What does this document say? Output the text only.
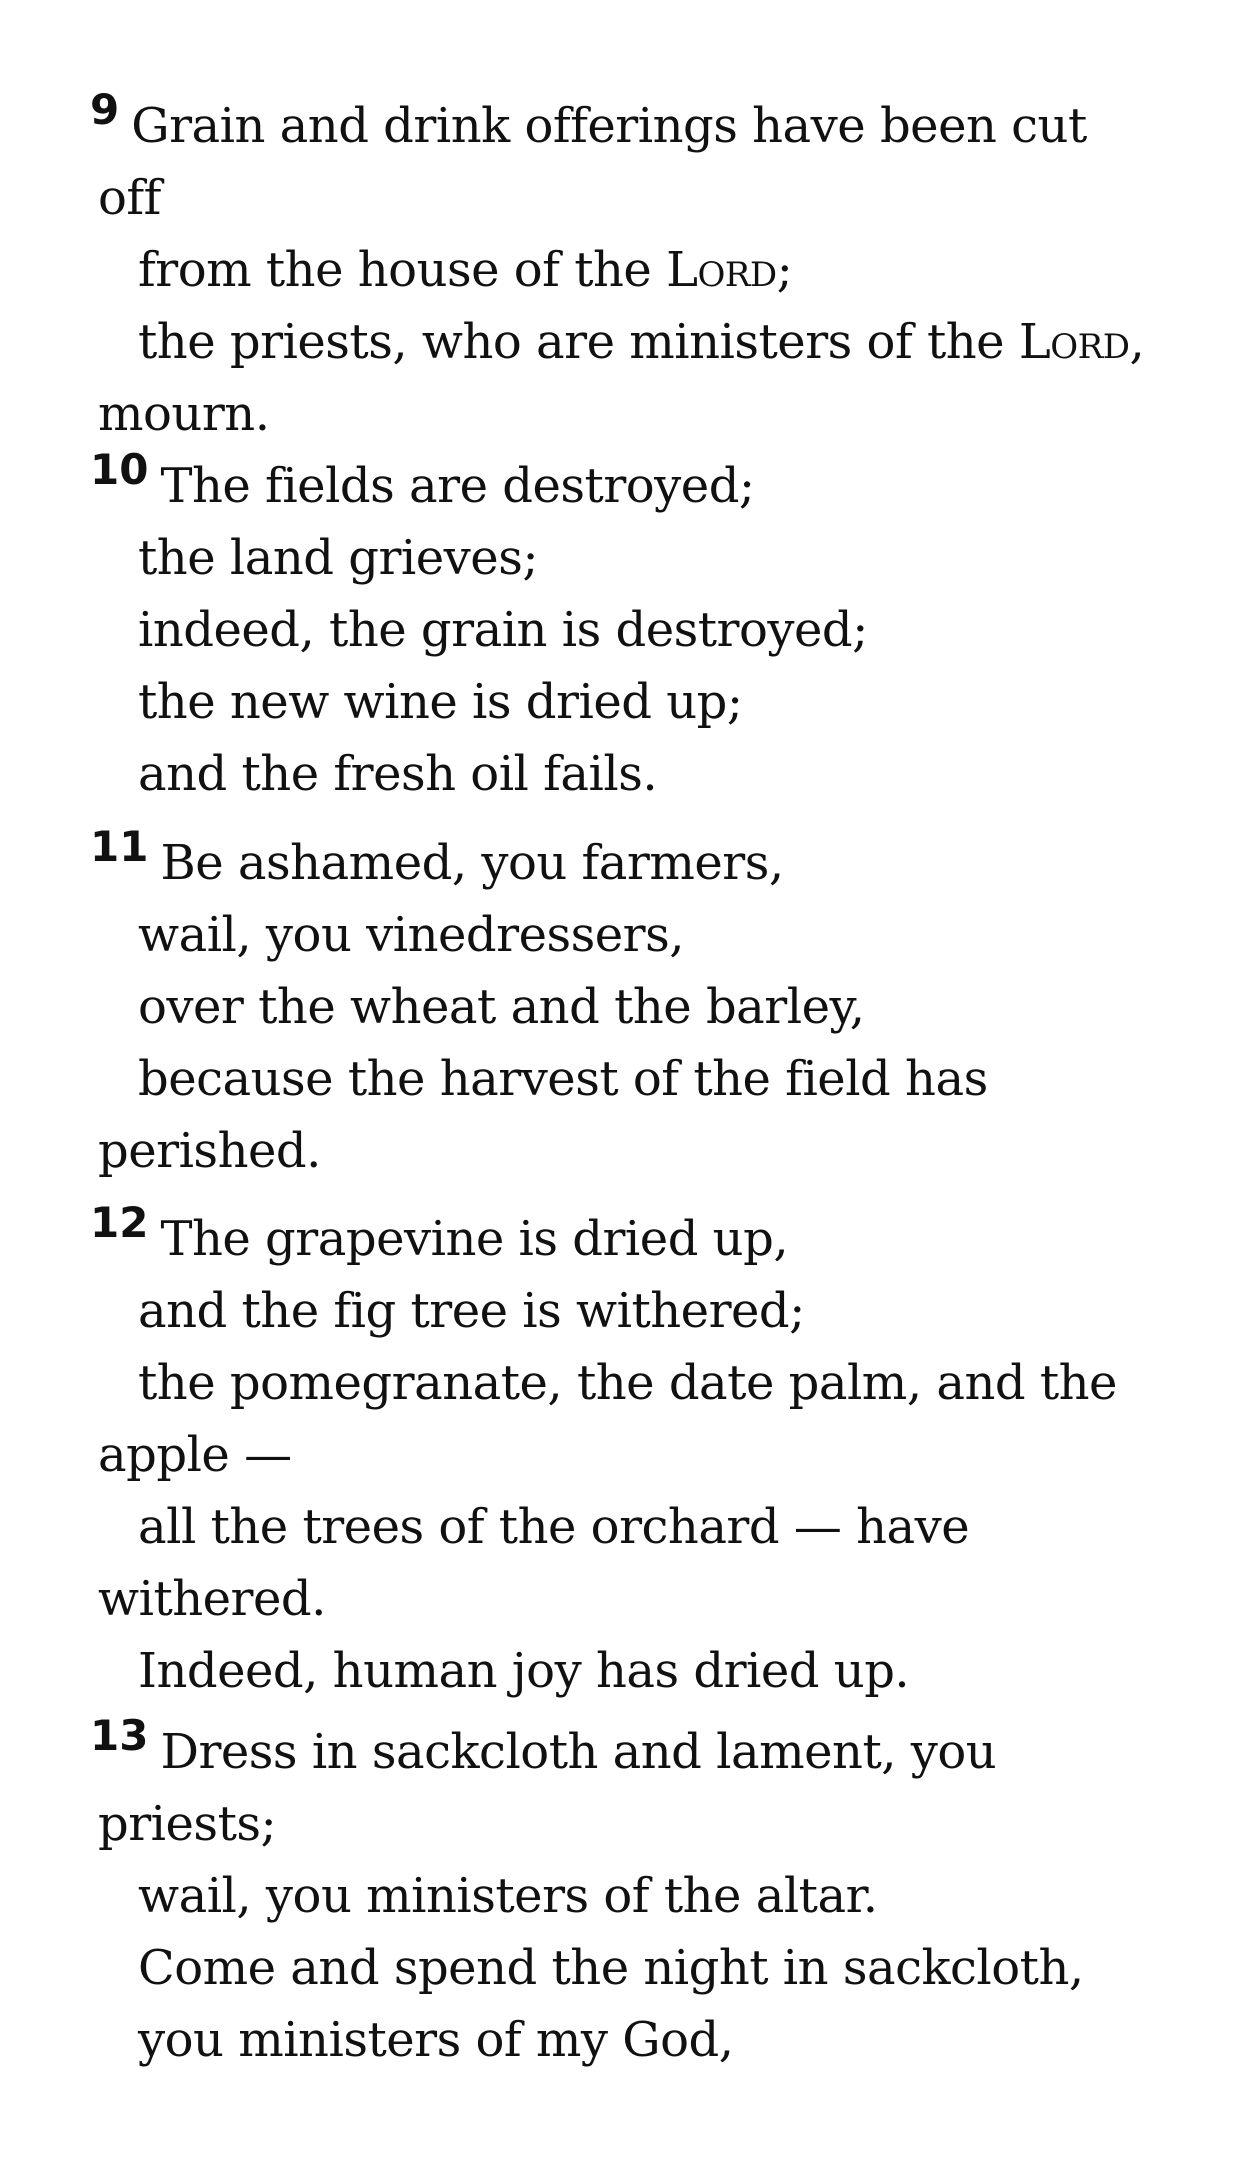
9 Grain and drink offerings have been cut
off
from the house of the Lord;
the priests, who are ministers of the Lord,
mourn.
10 The fields are destroyed;
the land grieves;
indeed, the grain is destroyed;
the new wine is dried up;
and the fresh oil fails.
11 Be ashamed, you farmers,
wail, you vinedressers,
over the wheat and the barley,
because the harvest of the field has
perished.
12 The grapevine is dried up,
and the fig tree is withered;
the pomegranate, the date palm, and the
apple —
all the trees of the orchard — have
withered.
Indeed, human joy has dried up.
13 Dress in sackcloth and lament, you
priests;
wail, you ministers of the altar.
Come and spend the night in sackcloth,
you ministers of my God,
